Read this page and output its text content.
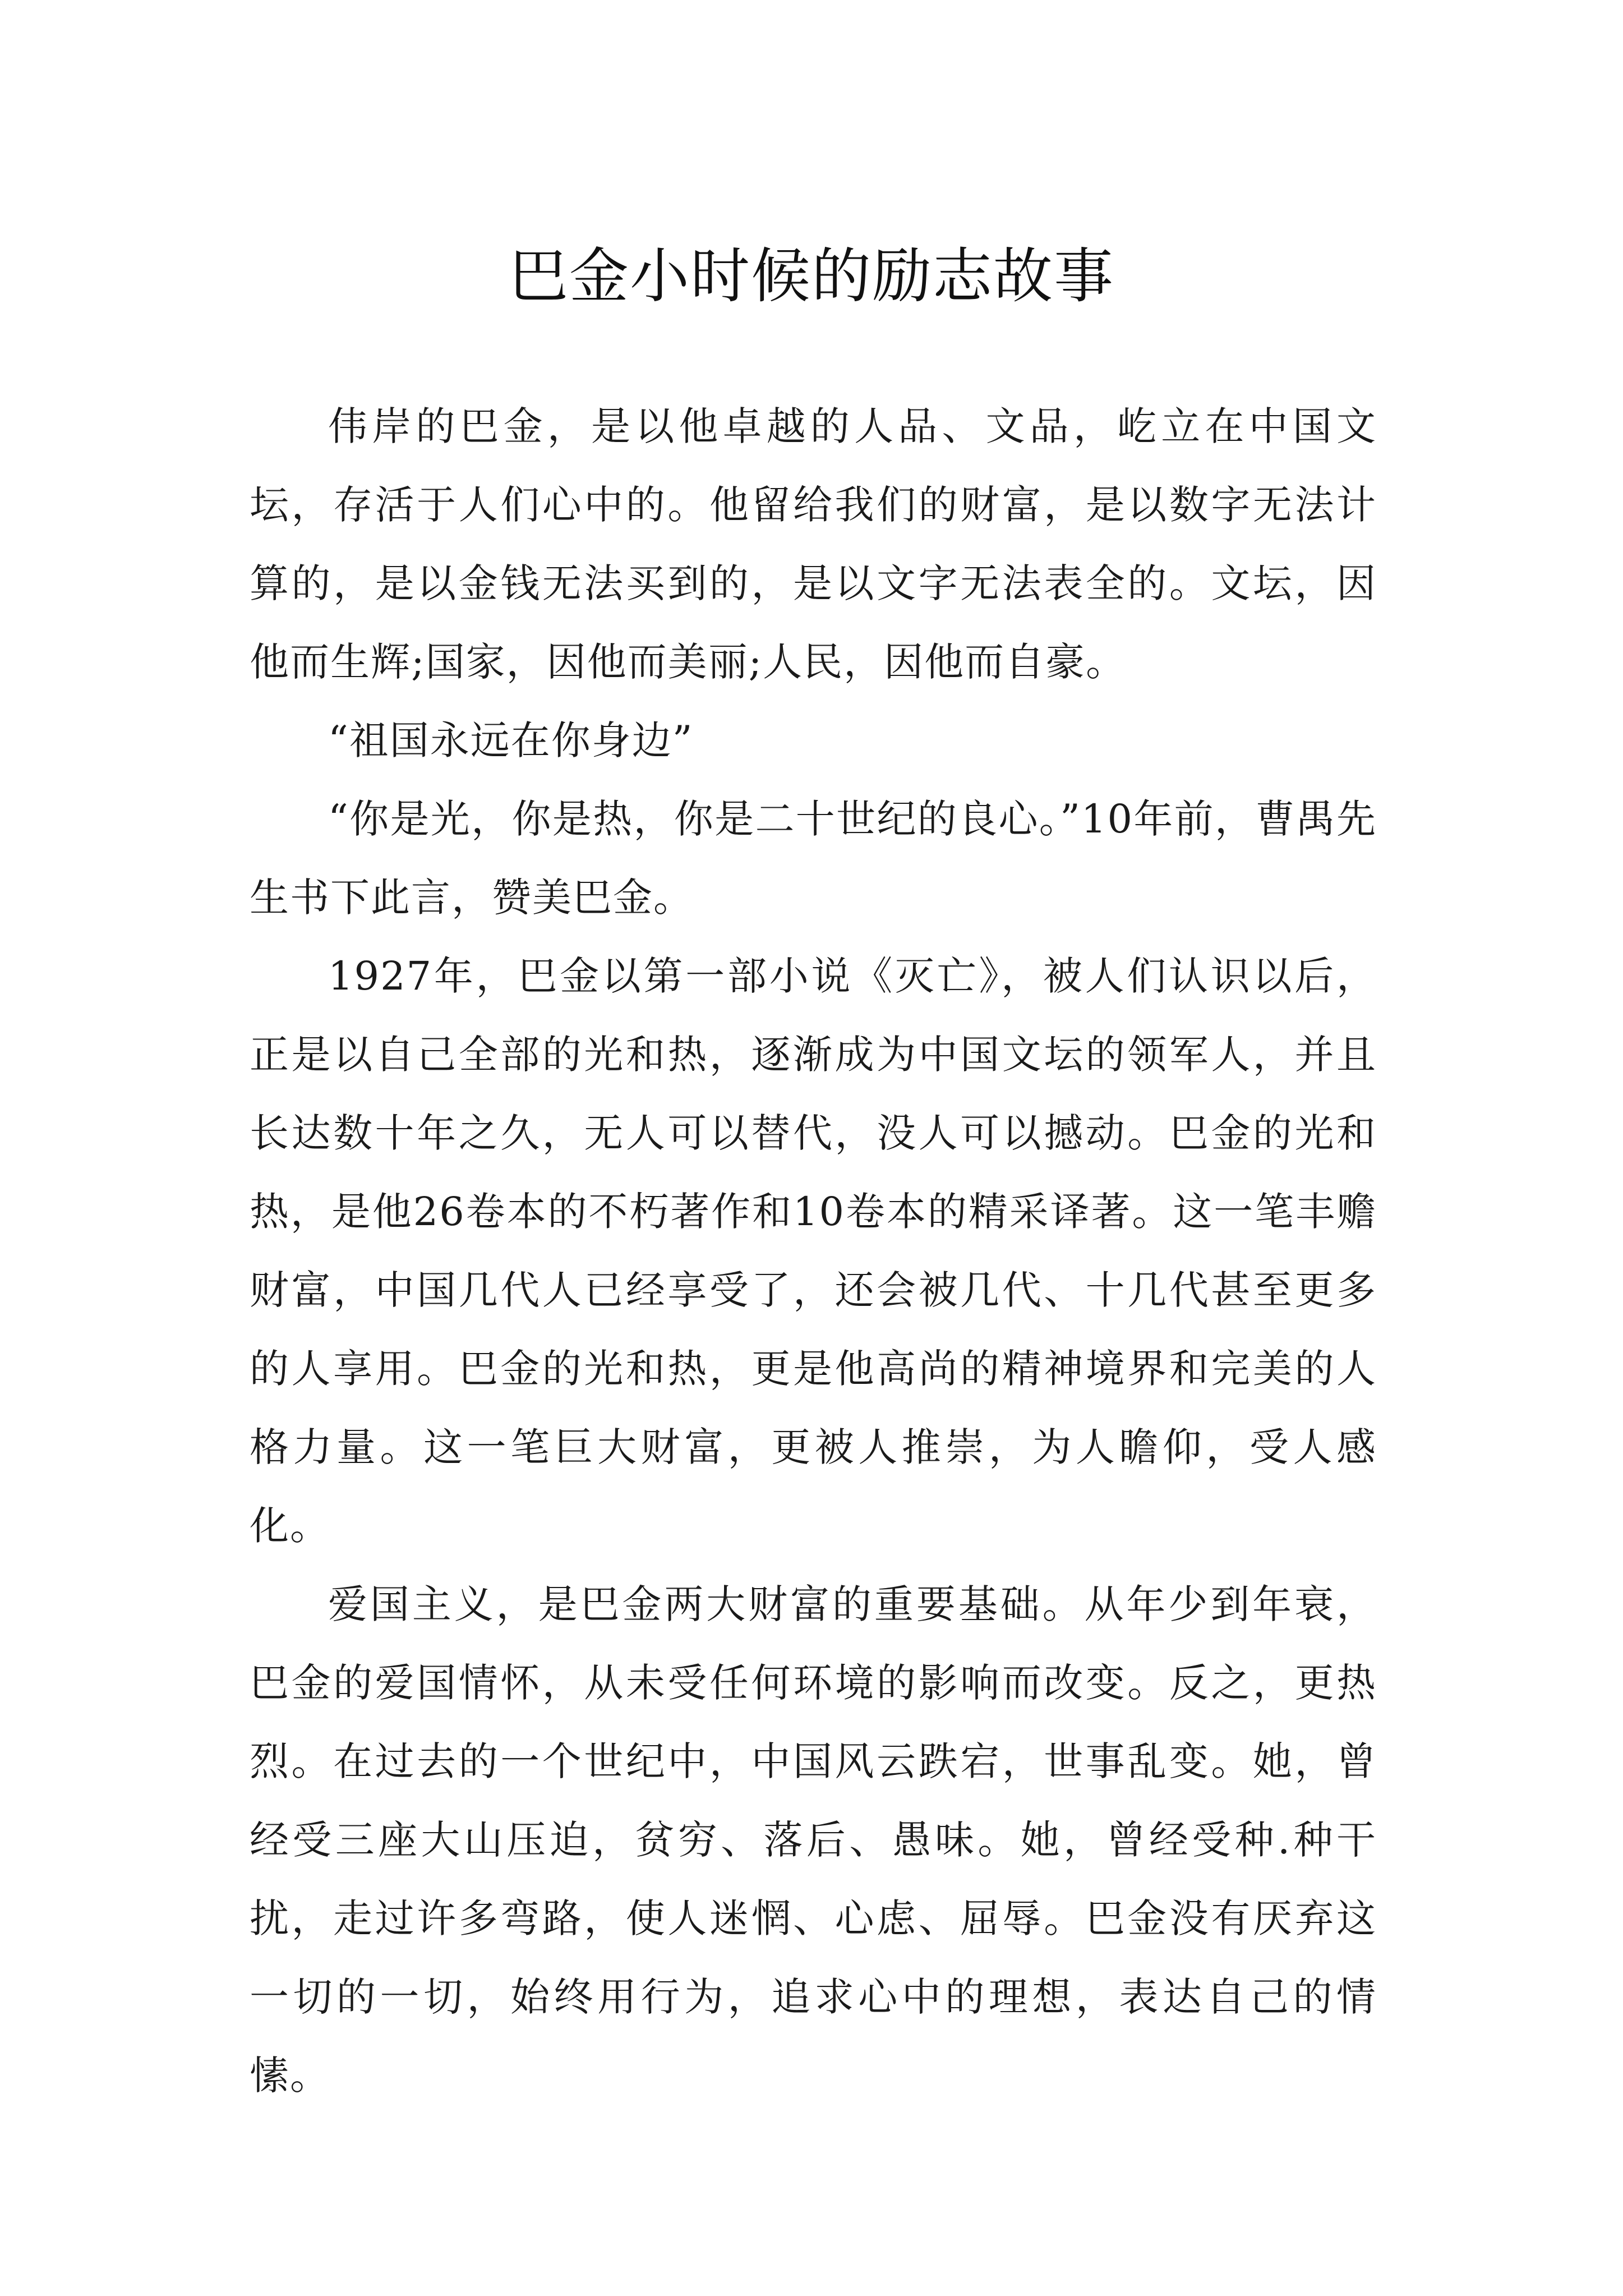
巴金小时候的励志故事

伟岸的巴金，是以他卓越的人品、文品，屹立在中国文坛，存活于人们心中的。他留给我们的财富，是以数字无法计算的，是以金钱无法买到的，是以文字无法表全的。文坛，因他而生辉;国家，因他而美丽;人民，因他而自豪。

“祖国永远在你身边”

“你是光，你是热，你是二十世纪的良心。”10年前，曹禺先生书下此言，赞美巴金。

1927年，巴金以第一部小说《灭亡》，被人们认识以后，正是以自己全部的光和热，逐渐成为中国文坛的领军人，并且长达数十年之久，无人可以替代，没人可以撼动。巴金的光和热，是他26卷本的不朽著作和10卷本的精采译著。这一笔丰赡财富，中国几代人已经享受了，还会被几代、十几代甚至更多的人享用。巴金的光和热，更是他高尚的精神境界和完美的人格力量。这一笔巨大财富，更被人推崇，为人瞻仰，受人感化。

爱国主义，是巴金两大财富的重要基础。从年少到年衰，巴金的爱国情怀，从未受任何环境的影响而改变。反之，更热烈。在过去的一个世纪中，中国风云跌宕，世事乱变。她，曾经受三座大山压迫，贫穷、落后、愚味。她，曾经受种.种干扰，走过许多弯路，使人迷惘、心虑、屈辱。巴金没有厌弃这一切的一切，始终用行为，追求心中的理想，表达自己的情愫。
